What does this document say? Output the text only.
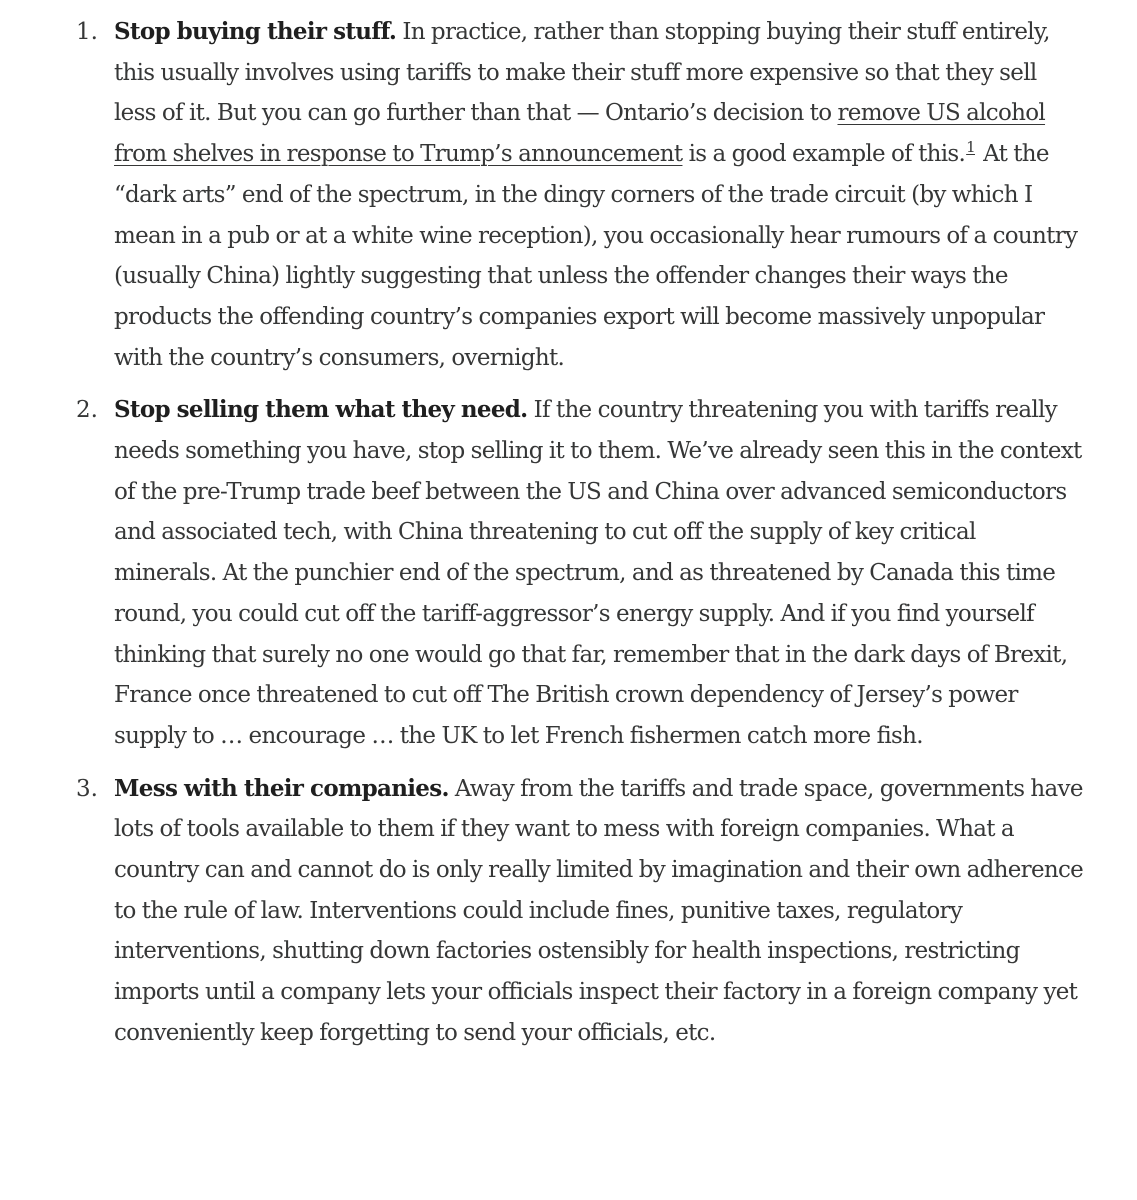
1. Stop buying their stuff. In practice, rather than stopping buying their stuff entirely, this usually involves using tariffs to make their stuff more expensive so that they sell less of it. But you can go further than that — Ontario’s decision to remove US alcohol from shelves in response to Trump’s announcement is a good example of this.$^1$ At the “dark arts” end of the spectrum, in the dingy corners of the trade circuit (by which I mean in a pub or at a white wine reception), you occasionally hear rumours of a country (usually China) lightly suggesting that unless the offender changes their ways the products the offending country’s companies export will become massively unpopular with the country’s consumers, overnight.

2. Stop selling them what they need. If the country threatening you with tariffs really needs something you have, stop selling it to them. We’ve already seen this in the context of the pre-Trump trade beef between the US and China over advanced semiconductors and associated tech, with China threatening to cut off the supply of key critical minerals. At the punchier end of the spectrum, and as threatened by Canada this time round, you could cut off the tariff-aggressor’s energy supply. And if you find yourself thinking that surely no one would go that far, remember that in the dark days of Brexit, France once threatened to cut off The British crown dependency of Jersey’s power supply to … encourage … the UK to let French fishermen catch more fish.

3. Mess with their companies. Away from the tariffs and trade space, governments have lots of tools available to them if they want to mess with foreign companies. What a country can and cannot do is only really limited by imagination and their own adherence to the rule of law. Interventions could include fines, punitive taxes, regulatory interventions, shutting down factories ostensibly for health inspections, restricting imports until a company lets your officials inspect their factory in a foreign company yet conveniently keep forgetting to send your officials, etc.
